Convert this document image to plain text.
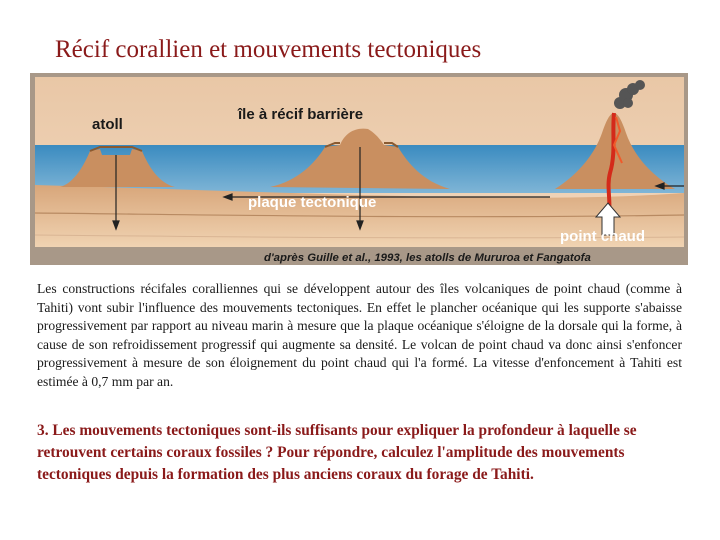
Récif corallien et mouvements tectoniques
atoll
île à récif barrière
plaque tectonique
point chaud
d'après Guille et al., 1993, les atolls de Mururoa et Fangatofa
Les constructions récifales coralliennes qui se développent autour des îles volcaniques de point chaud (comme à Tahiti) vont subir l'influence des mouvements tectoniques. En effet le plancher océanique qui les supporte s'abaisse progressivement par rapport au niveau marin à mesure que la plaque océanique s'éloigne de la dorsale qui la forme, à cause de son refroidissement progressif qui augmente sa densité. Le volcan de point chaud va donc ainsi s'enfoncer progressivement à mesure de son éloignement du point chaud qui l'a formé. La vitesse d'enfoncement à Tahiti est estimée à 0,7 mm par an.
3. Les mouvements tectoniques sont-ils suffisants pour expliquer la profondeur à laquelle se retrouvent certains coraux fossiles ? Pour répondre, calculez l'amplitude des mouvements tectoniques depuis la formation des plus anciens coraux du forage de Tahiti.
